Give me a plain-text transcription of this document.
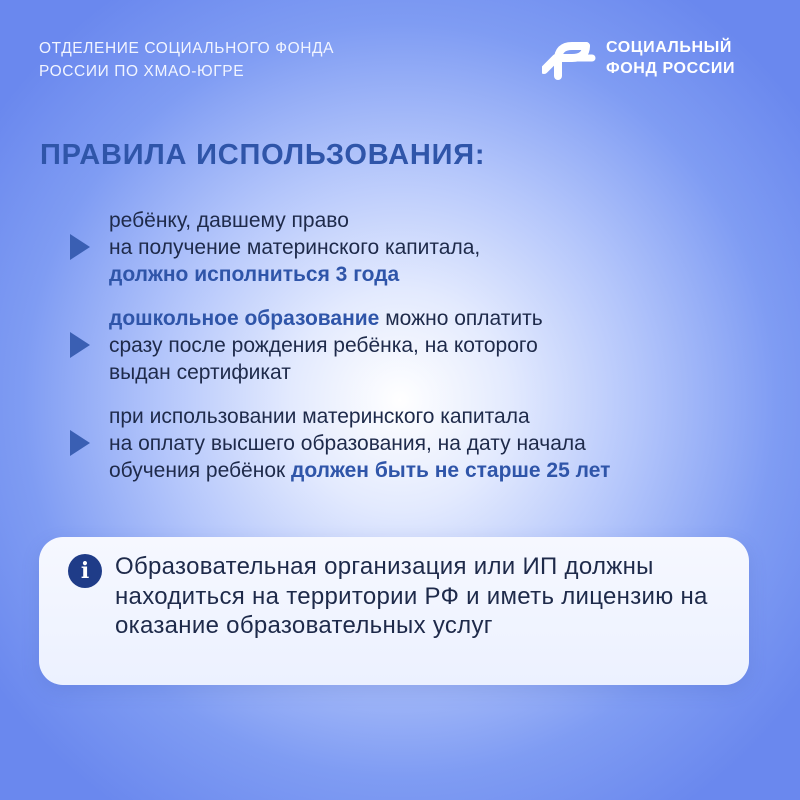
ОТДЕЛЕНИЕ СОЦИАЛЬНОГО ФОНДА
РОССИИ ПО ХМАО-ЮГРЕ
СОЦИАЛЬНЫЙ
ФОНД РОССИИ
ПРАВИЛА ИСПОЛЬЗОВАНИЯ:
ребёнку, давшему право
на получение материнского капитала,
должно исполниться 3 года
дошкольное образование можно оплатить
сразу после рождения ребёнка, на которого
выдан сертификат
при использовании материнского капитала
на оплату высшего образования, на дату начала
обучения ребёнок должен быть не старше 25 лет
i	Образовательная организация или ИП должны находиться на территории РФ и иметь лицензию на оказание образовательных услуг
